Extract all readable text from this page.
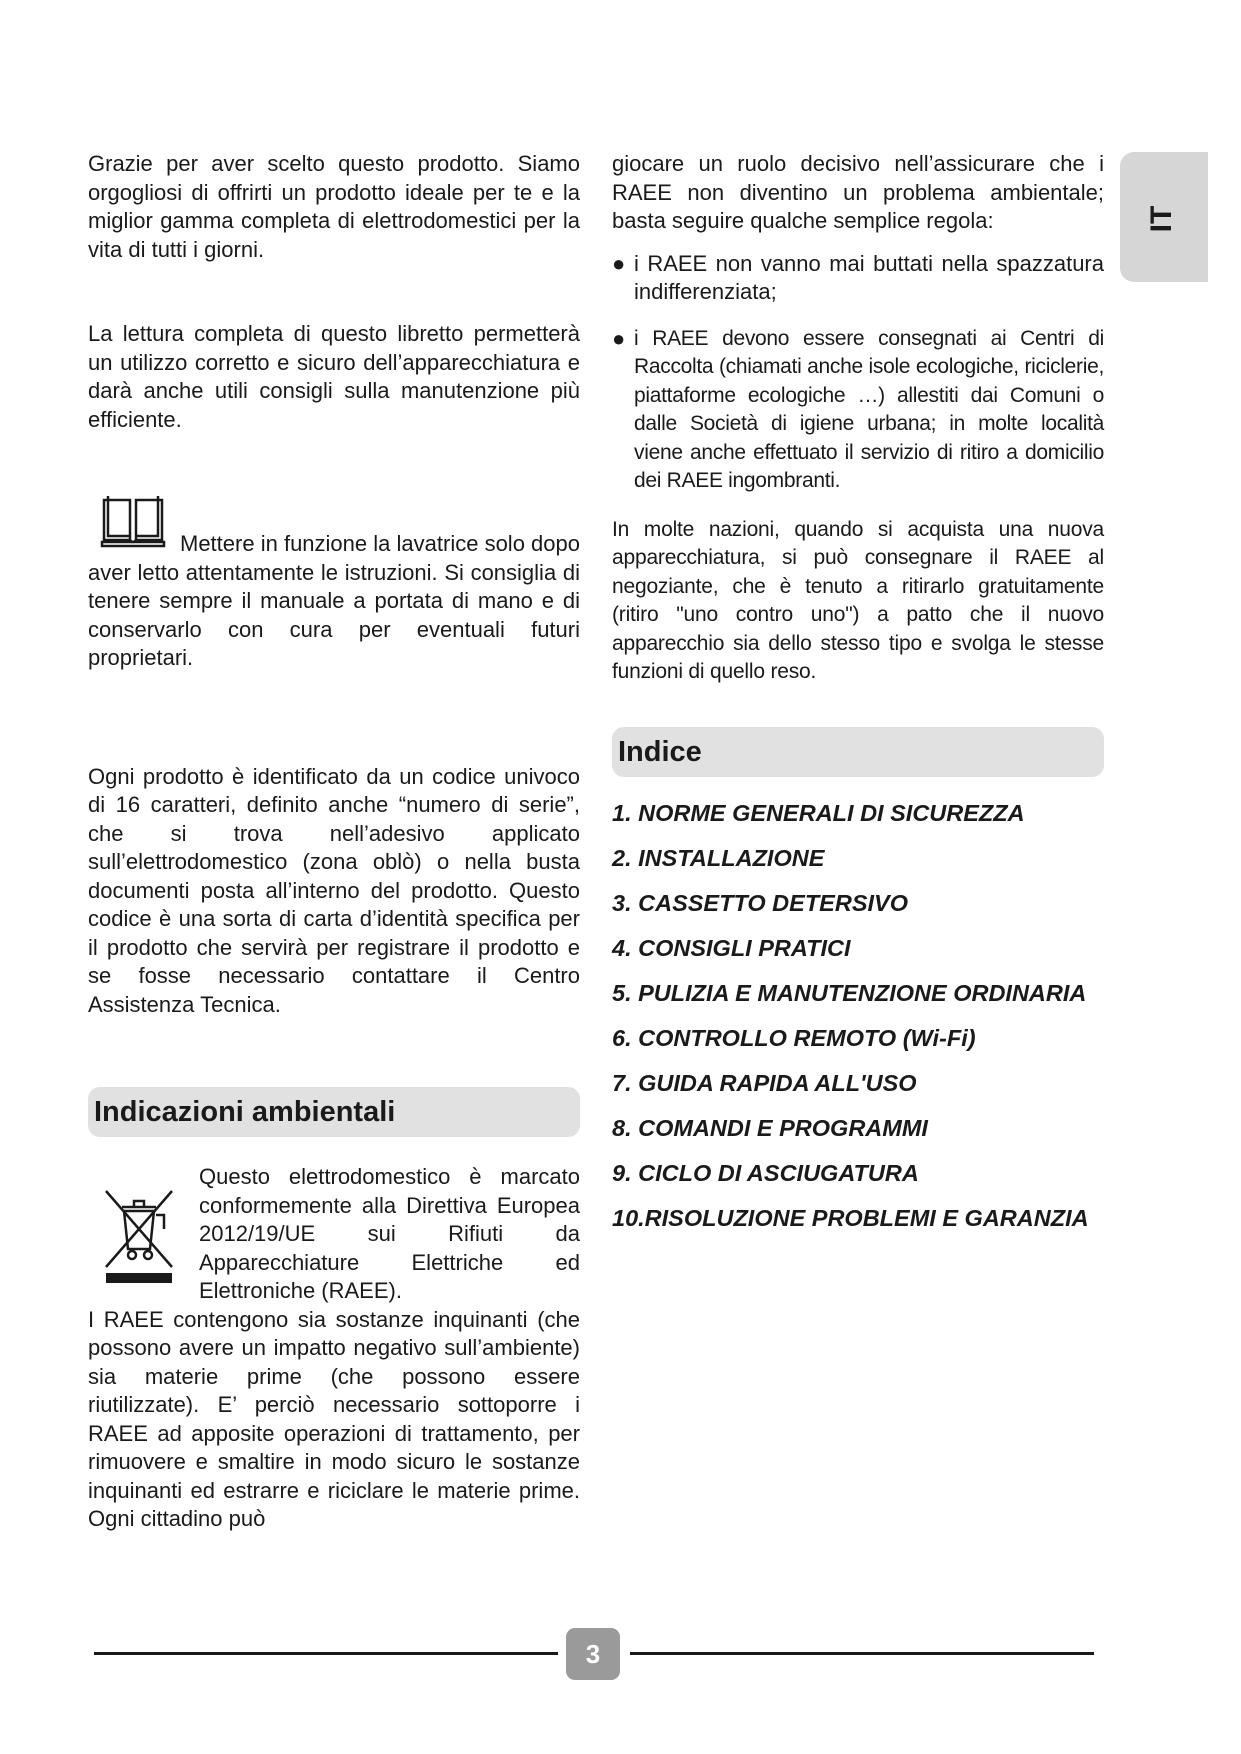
IT

Grazie per aver scelto questo prodotto. Siamo orgogliosi di offrirti un prodotto ideale per te e la miglior gamma completa di elettrodomestici per la vita di tutti i giorni.

La lettura completa di questo libretto permetterà un utilizzo corretto e sicuro dell’apparecchiatura e darà anche utili consigli sulla manutenzione più efficiente.

Mettere in funzione la lavatrice solo dopo aver letto attentamente le istruzioni. Si consiglia di tenere sempre il manuale a portata di mano e di conservarlo con cura per eventuali futuri proprietari.

Ogni prodotto è identificato da un codice univoco di 16 caratteri, definito anche “numero di serie”, che si trova nell’adesivo applicato sull’elettrodomestico (zona oblò) o nella busta documenti posta all’interno del prodotto. Questo codice è una sorta di carta d’identità specifica per il prodotto che servirà per registrare il prodotto e se fosse necessario contattare il Centro Assistenza Tecnica.

Indicazioni ambientali

Questo elettrodomestico è marcato conformemente alla Direttiva Europea 2012/19/UE sui Rifiuti da Apparecchiature Elettriche ed Elettroniche (RAEE).

I RAEE contengono sia sostanze inquinanti (che possono avere un impatto negativo sull’ambiente) sia materie prime (che possono essere riutilizzate). E’ perciò necessario sottoporre i RAEE ad apposite operazioni di trattamento, per rimuovere e smaltire in modo sicuro le sostanze inquinanti ed estrarre e riciclare le materie prime. Ogni cittadino può

giocare un ruolo decisivo nell’assicurare che i RAEE non diventino un problema ambientale; basta seguire qualche semplice regola:

● i RAEE non vanno mai buttati nella spazzatura indifferenziata;

● i RAEE devono essere consegnati ai Centri di Raccolta (chiamati anche isole ecologiche, riciclerie, piattaforme ecologiche …) allestiti dai Comuni o dalle Società di igiene urbana; in molte località viene anche effettuato il servizio di ritiro a domicilio dei RAEE ingombranti.

In molte nazioni, quando si acquista una nuova apparecchiatura, si può consegnare il RAEE al negoziante, che è tenuto a ritirarlo gratuitamente (ritiro "uno contro uno") a patto che il nuovo apparecchio sia dello stesso tipo e svolga le stesse funzioni di quello reso.

Indice
1. NORME GENERALI DI SICUREZZA
2. INSTALLAZIONE
3. CASSETTO DETERSIVO
4. CONSIGLI PRATICI
5. PULIZIA E MANUTENZIONE ORDINARIA
6. CONTROLLO REMOTO (Wi-Fi)
7. GUIDA RAPIDA ALL'USO
8. COMANDI E PROGRAMMI
9. CICLO DI ASCIUGATURA
10.RISOLUZIONE PROBLEMI E GARANZIA
3
